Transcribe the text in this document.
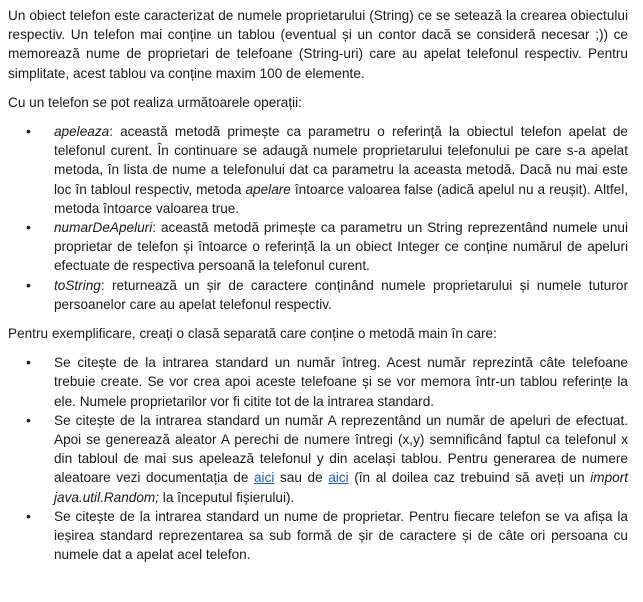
Un obiect telefon este caracterizat de numele proprietarului (String) ce se setează la crearea obiectului respectiv. Un telefon mai conține un tablou (eventual și un contor dacă se consideră necesar ;)) ce memorează nume de proprietari de telefoane (String-uri) care au apelat telefonul respectiv. Pentru simplitate, acest tablou va conține maxim 100 de elemente.

Cu un telefon se pot realiza următoarele operații:

• apeleaza: această metodă primește ca parametru o referință la obiectul telefon apelat de telefonul curent. În continuare se adaugă numele proprietarului telefonului pe care s-a apelat metoda, în lista de nume a telefonului dat ca parametru la aceasta metodă. Dacă nu mai este loc în tabloul respectiv, metoda apelare întoarce valoarea false (adică apelul nu a reușit). Altfel, metoda întoarce valoarea true.
• numarDeApeluri: această metodă primește ca parametru un String reprezentând numele unui proprietar de telefon și întoarce o referință la un obiect Integer ce conține numărul de apeluri efectuate de respectiva persoană la telefonul curent.
• toString: returnează un șir de caractere conținând numele proprietarului și numele tuturor persoanelor care au apelat telefonul respectiv.

Pentru exemplificare, creați o clasă separată care conține o metodă main în care:

• Se citește de la intrarea standard un număr întreg. Acest număr reprezintă câte telefoane trebuie create. Se vor crea apoi aceste telefoane și se vor memora într-un tablou referințe la ele. Numele proprietarilor vor fi citite tot de la intrarea standard.
• Se citește de la intrarea standard un număr A reprezentând un număr de apeluri de efectuat. Apoi se generează aleator A perechi de numere întregi (x,y) semnificând faptul ca telefonul x din tabloul de mai sus apelează telefonul y din același tablou. Pentru generarea de numere aleatoare vezi documentația de aici sau de aici (în al doilea caz trebuind să aveți un import java.util.Random; la începutul fișierului).
• Se citește de la intrarea standard un nume de proprietar. Pentru fiecare telefon se va afișa la ieșirea standard reprezentarea sa sub formă de șir de caractere și de câte ori persoana cu numele dat a apelat acel telefon.
